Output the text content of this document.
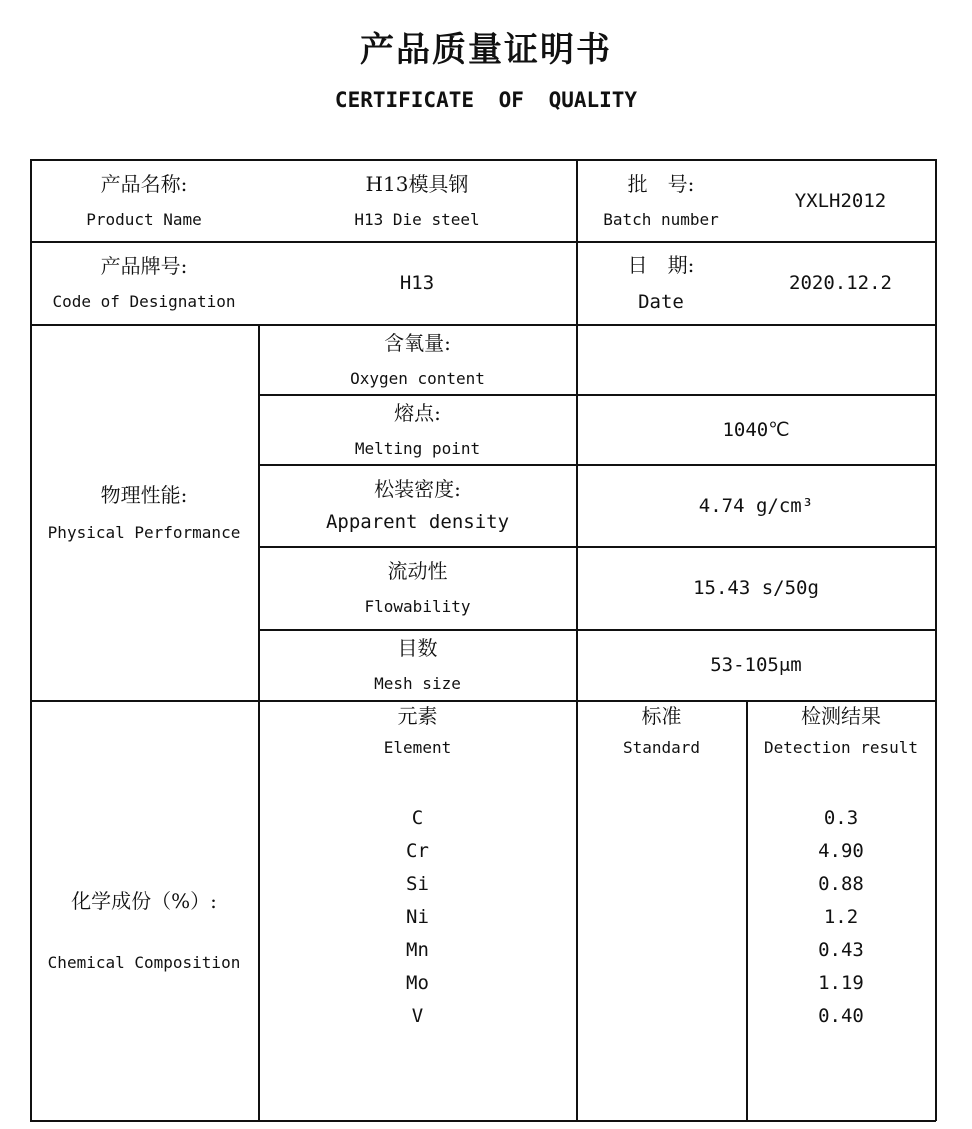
产品质量证明书
CERTIFICATE OF QUALITY
产品名称:
Product Name
H13模具钢
H13 Die steel
批　号:
Batch number
YXLH2012
产品牌号:
Code of Designation
H13
日　期:
Date
2020.12.2
物理性能:
Physical Performance
含氧量:
Oxygen content
熔点:
Melting point
1040℃
松装密度:
Apparent density
4.74 g/cm³
流动性
Flowability
15.43 s/50g
目数
Mesh size
53-105μm
化学成份（%）:
Chemical Composition
元素
Element
标准
Standard
检测结果
Detection result
C
Cr
Si
Ni
Mn
Mo
V
0.3
4.90
0.88
1.2
0.43
1.19
0.40
